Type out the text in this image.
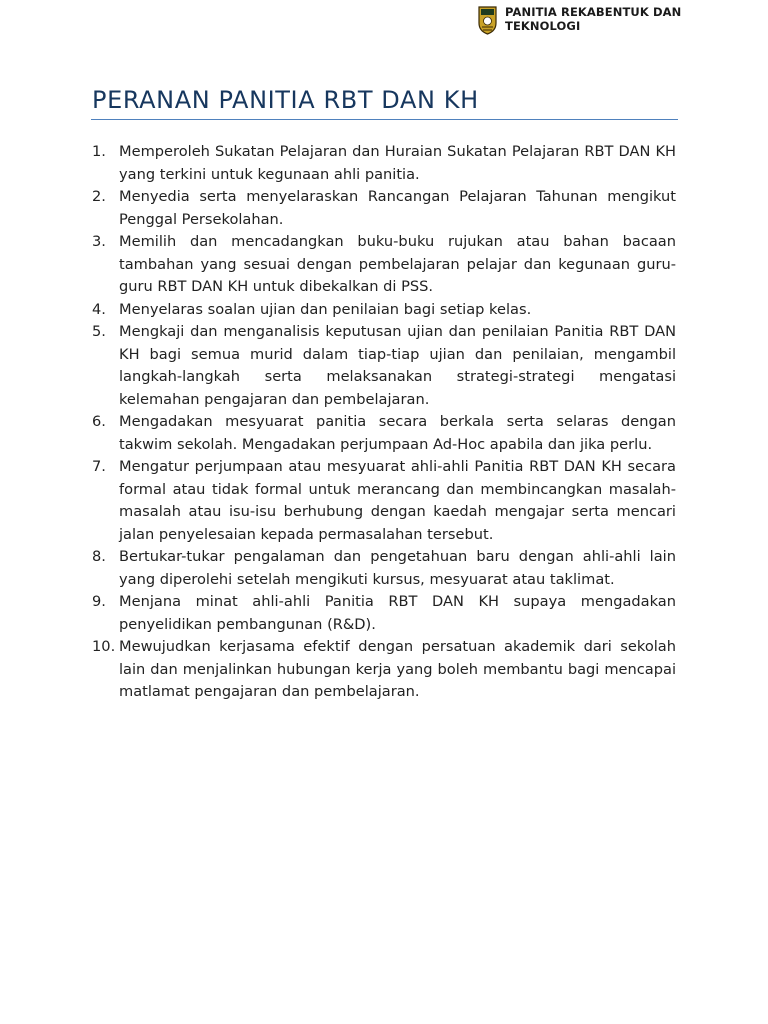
PANITIA REKABENTUK DAN TEKNOLOGI
PERANAN PANITIA RBT DAN KH
1. Memperoleh Sukatan Pelajaran dan Huraian Sukatan Pelajaran RBT DAN KH yang terkini untuk kegunaan ahli panitia.
2. Menyedia serta menyelaraskan Rancangan Pelajaran Tahunan mengikut Penggal Persekolahan.
3. Memilih dan mencadangkan buku-buku rujukan atau bahan bacaan tambahan yang sesuai dengan pembelajaran pelajar dan kegunaan guru-guru RBT DAN KH untuk dibekalkan di PSS.
4. Menyelaras soalan ujian dan penilaian bagi setiap kelas.
5. Mengkaji dan menganalisis keputusan ujian dan penilaian Panitia RBT DAN KH bagi semua murid dalam tiap-tiap ujian dan penilaian, mengambil langkah-langkah serta melaksanakan strategi-strategi mengatasi kelemahan pengajaran dan pembelajaran.
6. Mengadakan mesyuarat panitia secara berkala serta selaras dengan takwim sekolah. Mengadakan perjumpaan Ad-Hoc apabila dan jika perlu.
7. Mengatur perjumpaan atau mesyuarat ahli-ahli Panitia RBT DAN KH secara formal atau tidak formal untuk merancang dan membincangkan masalah-masalah atau isu-isu berhubung dengan kaedah mengajar serta mencari jalan penyelesaian kepada permasalahan tersebut.
8. Bertukar-tukar pengalaman dan pengetahuan baru dengan ahli-ahli lain yang diperolehi setelah mengikuti kursus, mesyuarat atau taklimat.
9. Menjana minat ahli-ahli Panitia RBT DAN KH supaya mengadakan penyelidikan pembangunan (R&D).
10. Mewujudkan kerjasama efektif dengan persatuan akademik dari sekolah lain dan menjalinkan hubungan kerja yang boleh membantu bagi mencapai matlamat pengajaran dan pembelajaran.
